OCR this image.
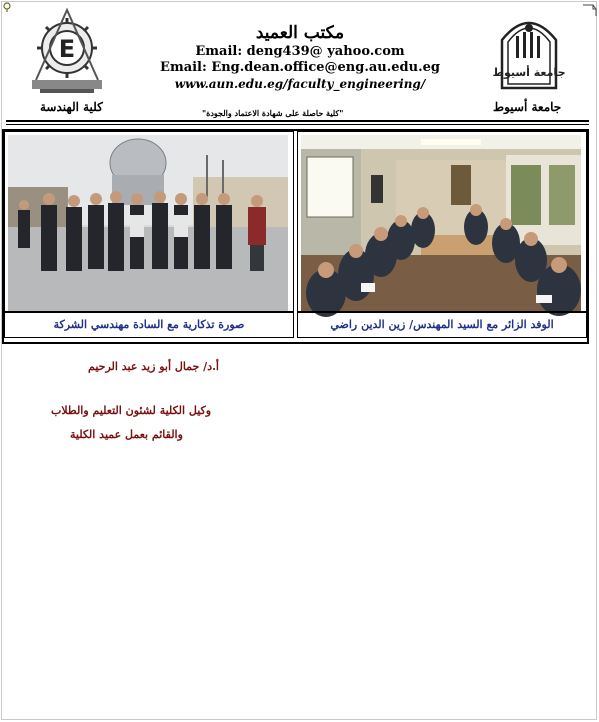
E
جامعة أسيوط

مكتب العميد

Email: deng439@ yahoo.com
Email: Eng.dean.office@eng.au.edu.eg
www.aun.edu.eg/faculty_engineering/
كلية الهندسة	جامعة أسيوط
"كلية حاصلة على شهادة الاعتماد والجودة"
الوفد الزائر مع السيد المهندس/ زين الدين راضي
صورة تذكارية مع السادة مهندسي الشركة
أ.د/ جمال أبو زيد عبد الرحيم
وكيل الكلية لشئون التعليم والطلاب
والقائم بعمل عميد الكلية
